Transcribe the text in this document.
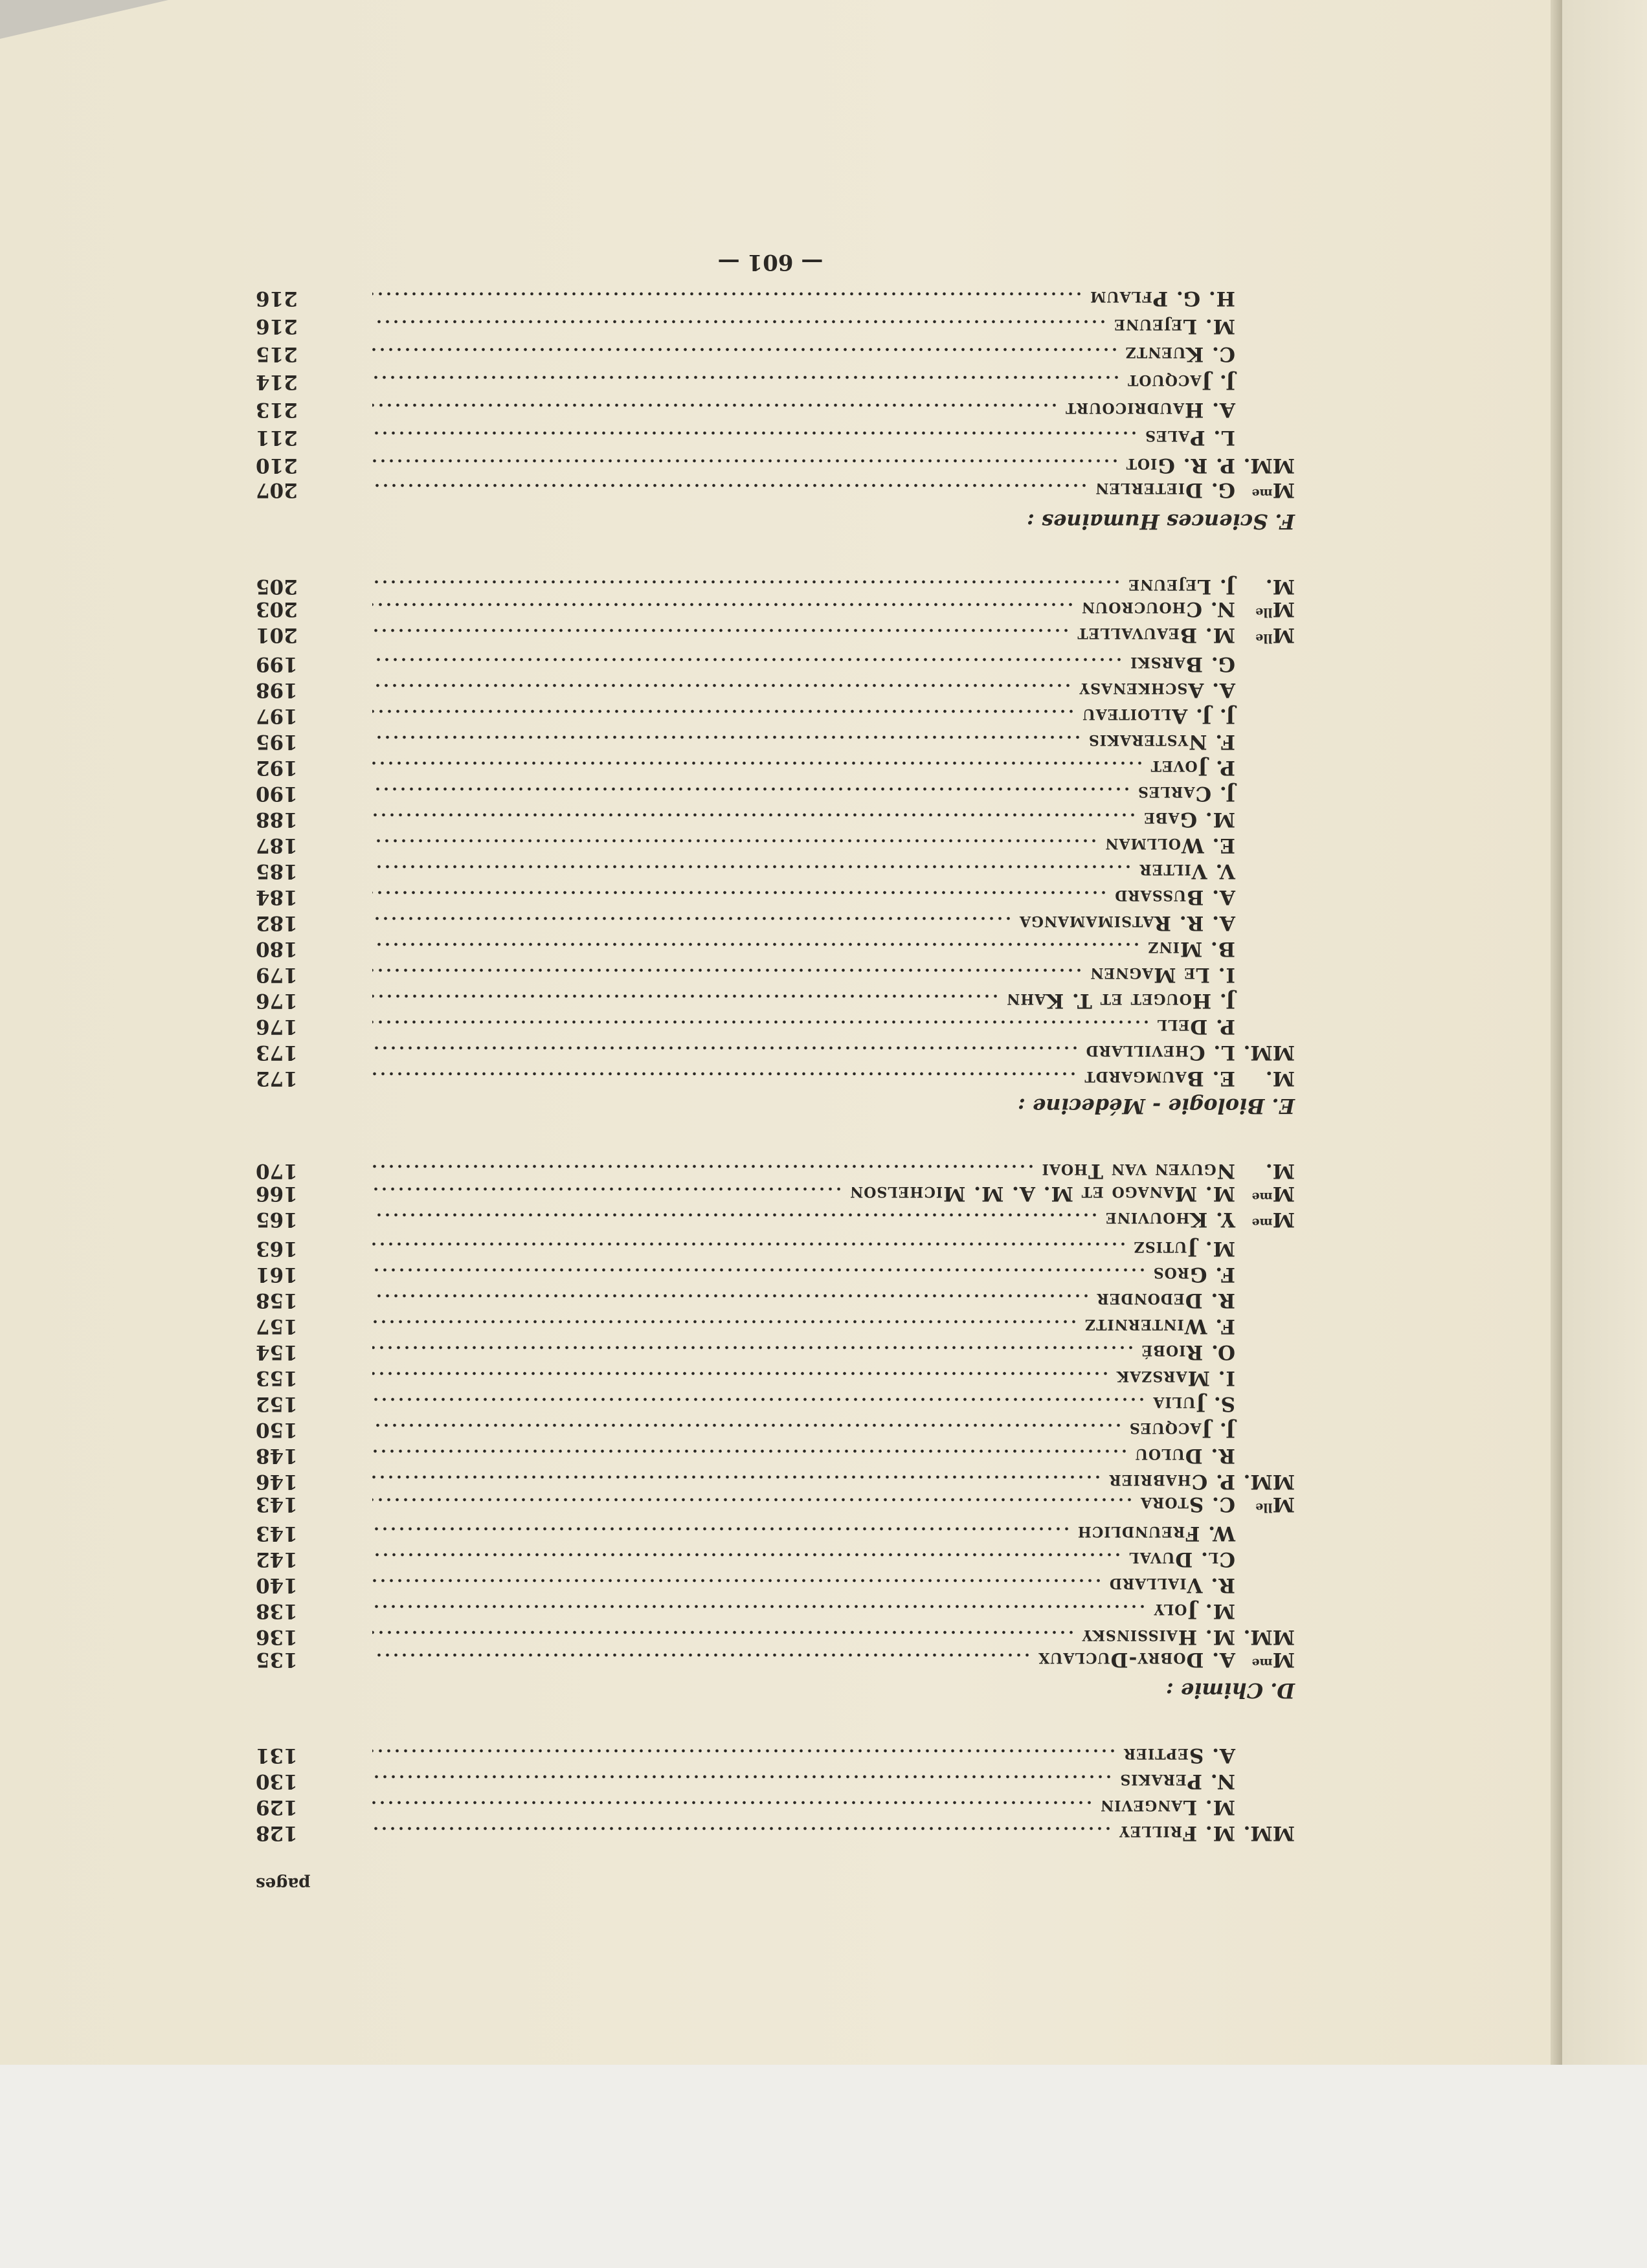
pages
MM.
M. Frilley
128
M. Langevin
129
N. Perakis
130
A. Septier
131
D. Chimie :
$M^{me}$
A. Dobry-Duclaux
135
MM.
M. Haissinsky
136
M. Joly
138
R. Viallard
140
Cl. Duval
142
W. Freundlich
143
$M^{lle}$
C. Stora
143
MM.
P. Chabrier
146
R. Dulou
148
J. Jacques
150
S. Julia
152
I. Marszak
153
O. Riobé
154
F. Winternitz
157
R. Dedonder
158
F. Gros
161
M. Jutisz
163
$M^{me}$
Y. Khouvine
165
$M^{me}$
M. Manago et M. A. M. Michelson
166
M.
Nguyen van Thoai
170
E. Biologie - Médecine :
M.
E. Baumgardt
172
MM.
L. Chevillard
173
P. Dell
176
J. Houget et T. Kahn
176
I. Le Magnen
179
B. Minz
180
A. R. Ratsimamanga
182
A. Bussard
184
V. Vilter
185
E. Wollman
187
M. Gabe
188
J. Carles
190
P. Jovet
192
F. Nysterakis
195
J. J. Alloiteau
197
A. Aschkenasy
198
G. Barski
199
$M^{lle}$
M. Beauvallet
201
$M^{lle}$
N. Choucroun
203
M.
J. Lejeune
205
F. Sciences Humaines :
$M^{me}$
G. Dieterlen
207
MM.
P. R. Giot
210
L. Pales
211
A. Haudricourt
213
J. Jacquot
214
C. Kuentz
215
M. Lejeune
216
H. G. Pflaum
216
— 601 —
